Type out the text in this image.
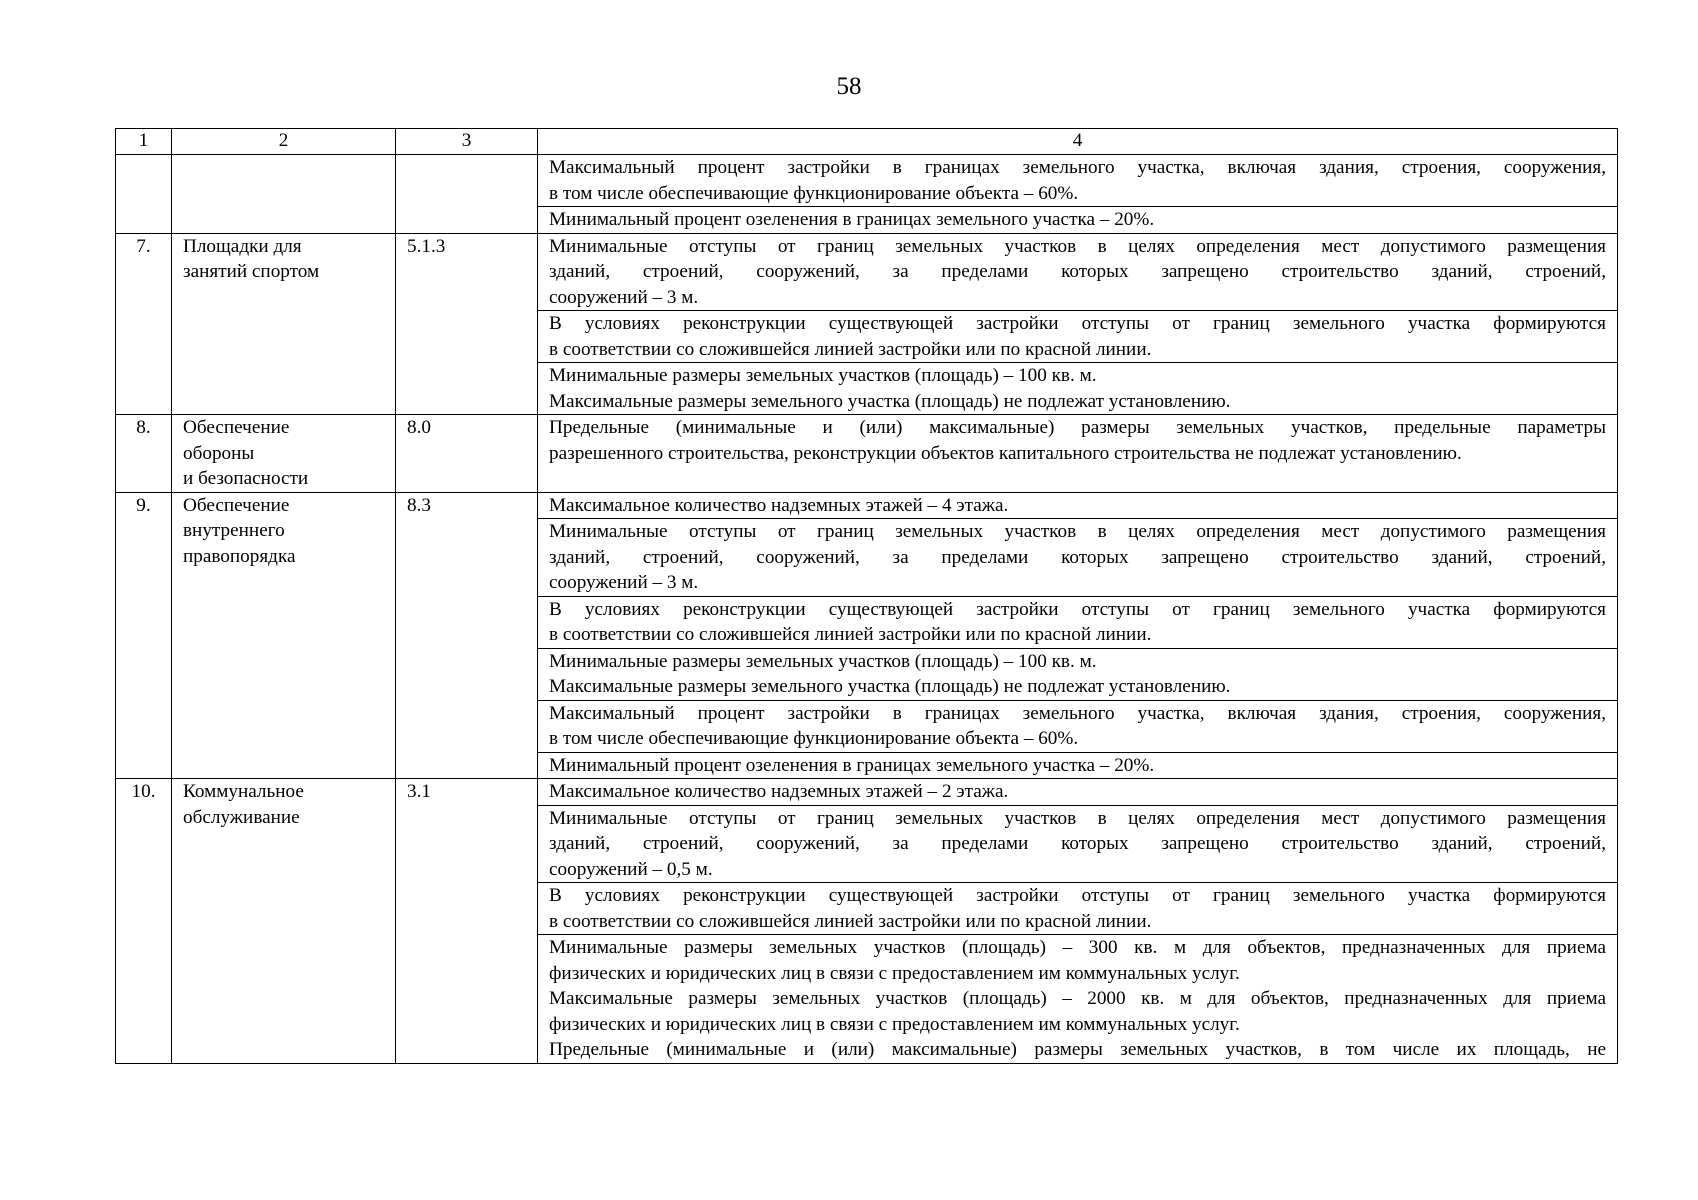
58
1	2	3	4

			Максимальный процент застройки в границах земельного участка, включая здания, строения, сооружения,
в том числе обеспечивающие функционирование объекта – 60%.

			Минимальный процент озеленения в границах земельного участка – 20%.

7.	Площадки для
занятий спортом	5.1.3	Минимальные отступы от границ земельных участков в целях определения мест допустимого размещения
зданий, строений, сооружений, за пределами которых запрещено строительство зданий, строений,
сооружений – 3 м.

			В условиях реконструкции существующей застройки отступы от границ земельного участка формируются
в соответствии со сложившейся линией застройки или по красной линии.

			Минимальные размеры земельных участков (площадь) – 100 кв. м.
Максимальные размеры земельного участка (площадь) не подлежат установлению.

8.	Обеспечение
обороны
и безопасности	8.0	Предельные (минимальные и (или) максимальные) размеры земельных участков, предельные параметры
разрешенного строительства, реконструкции объектов капитального строительства не подлежат установлению.

9.	Обеспечение
внутреннего
правопорядка	8.3	Максимальное количество надземных этажей – 4 этажа.

			Минимальные отступы от границ земельных участков в целях определения мест допустимого размещения
зданий, строений, сооружений, за пределами которых запрещено строительство зданий, строений,
сооружений – 3 м.

			В условиях реконструкции существующей застройки отступы от границ земельного участка формируются
в соответствии со сложившейся линией застройки или по красной линии.

			Минимальные размеры земельных участков (площадь) – 100 кв. м.
Максимальные размеры земельного участка (площадь) не подлежат установлению.

			Максимальный процент застройки в границах земельного участка, включая здания, строения, сооружения,
в том числе обеспечивающие функционирование объекта – 60%.

			Минимальный процент озеленения в границах земельного участка – 20%.

10.	Коммунальное
обслуживание	3.1	Максимальное количество надземных этажей – 2 этажа.

			Минимальные отступы от границ земельных участков в целях определения мест допустимого размещения
зданий, строений, сооружений, за пределами которых запрещено строительство зданий, строений,
сооружений – 0,5 м.

			В условиях реконструкции существующей застройки отступы от границ земельного участка формируются
в соответствии со сложившейся линией застройки или по красной линии.

			Минимальные размеры земельных участков (площадь) – 300 кв. м для объектов, предназначенных для приема
физических и юридических лиц в связи с предоставлением им коммунальных услуг.
Максимальные размеры земельных участков (площадь) – 2000 кв. м для объектов, предназначенных для приема
физических и юридических лиц в связи с предоставлением им коммунальных услуг.
Предельные (минимальные и (или) максимальные) размеры земельных участков, в том числе их площадь, не
